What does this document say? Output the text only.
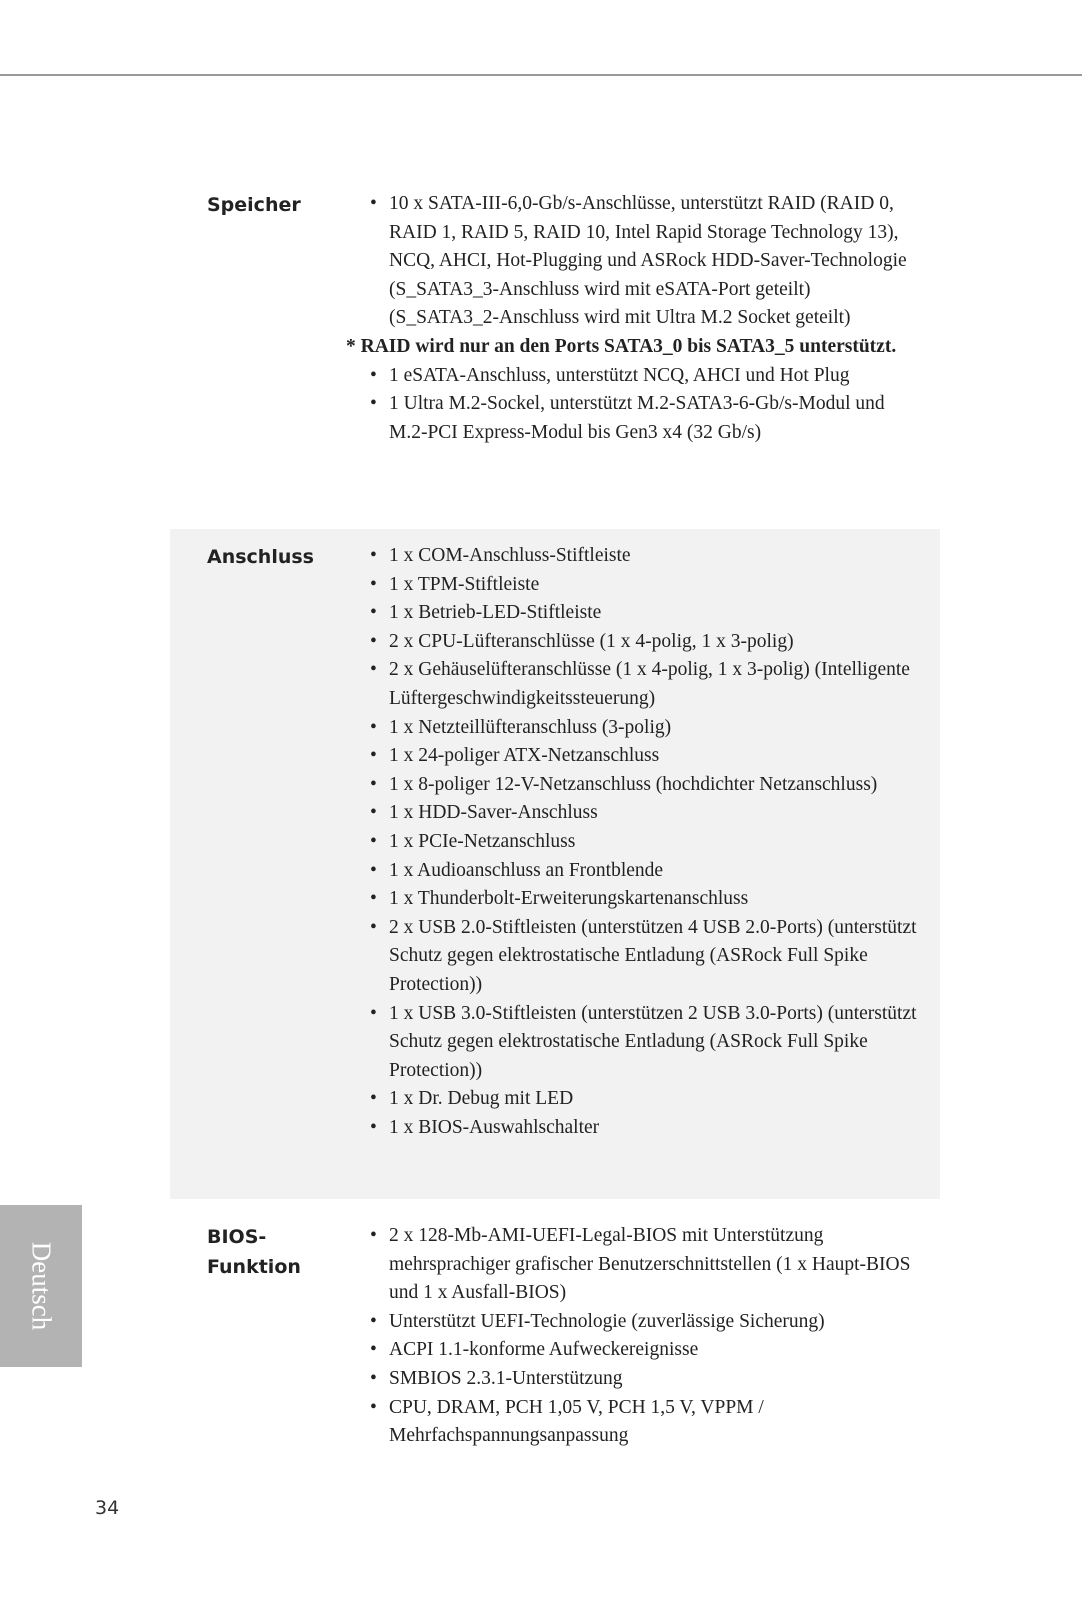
Speicher	• 10 x SATA-III-6,0-Gb/s-Anschlüsse, unterstützt RAID (RAID 0, RAID 1, RAID 5, RAID 10, Intel Rapid Storage Technology 13), NCQ, AHCI, Hot-Plugging und ASRock HDD-Saver-Technologie
(S_SATA3_3-Anschluss wird mit eSATA-Port geteilt)
(S_SATA3_2-Anschluss wird mit Ultra M.2 Socket geteilt)
* RAID wird nur an den Ports SATA3_0 bis SATA3_5 unterstützt.
• 1 eSATA-Anschluss, unterstützt NCQ, AHCI und Hot Plug
• 1 Ultra M.2-Sockel, unterstützt M.2-SATA3-6-Gb/s-Modul und M.2-PCI Express-Modul bis Gen3 x4 (32 Gb/s)
Anschluss	• 1 x COM-Anschluss-Stiftleiste
• 1 x TPM-Stiftleiste
• 1 x Betrieb-LED-Stiftleiste
• 2 x CPU-Lüfteranschlüsse (1 x 4-polig, 1 x 3-polig)
• 2 x Gehäuselüfteranschlüsse (1 x 4-polig, 1 x 3-polig) (Intelligente Lüftergeschwindigkeitssteuerung)
• 1 x Netzteillüfteranschluss (3-polig)
• 1 x 24-poliger ATX-Netzanschluss
• 1 x 8-poliger 12-V-Netzanschluss (hochdichter Netzanschluss)
• 1 x HDD-Saver-Anschluss
• 1 x PCIe-Netzanschluss
• 1 x Audioanschluss an Frontblende
• 1 x Thunderbolt-Erweiterungskartenanschluss
• 2 x USB 2.0-Stiftleisten (unterstützen 4 USB 2.0-Ports) (unterstützt Schutz gegen elektrostatische Entladung (ASRock Full Spike Protection))
• 1 x USB 3.0-Stiftleisten (unterstützen 2 USB 3.0-Ports) (unterstützt Schutz gegen elektrostatische Entladung (ASRock Full Spike Protection))
• 1 x Dr. Debug mit LED
• 1 x BIOS-Auswahlschalter
BIOS-
Funktion
• 2 x 128-Mb-AMI-UEFI-Legal-BIOS mit Unterstützung mehrsprachiger grafischer Benutzerschnittstellen (1 x Haupt-BIOS und 1 x Ausfall-BIOS)
• Unterstützt UEFI-Technologie (zuverlässige Sicherung)
• ACPI 1.1-konforme Aufweckereignisse
• SMBIOS 2.3.1-Unterstützung
• CPU, DRAM, PCH 1,05 V, PCH 1,5 V, VPPM / Mehrfachspannungsanpassung
Deutsch
34
